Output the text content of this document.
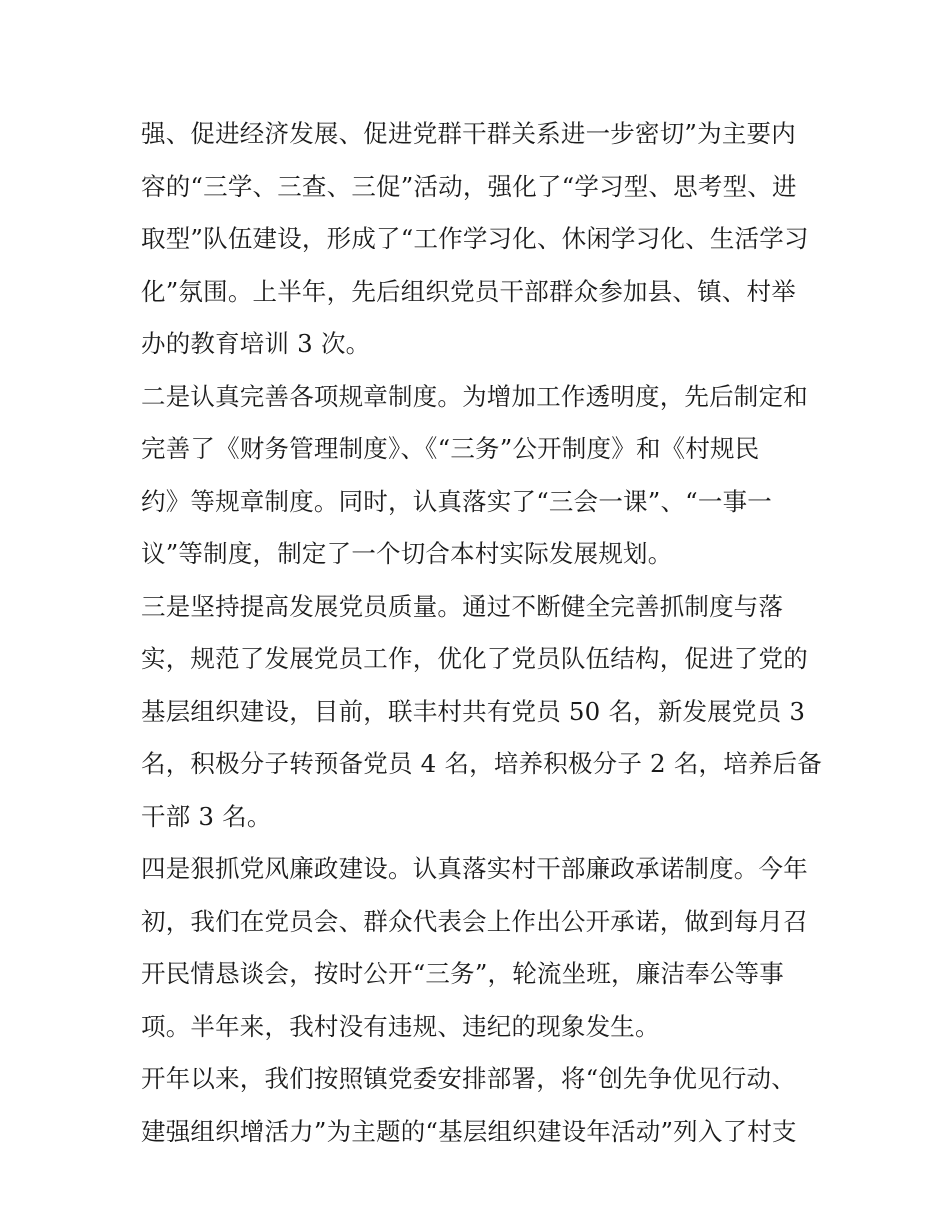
强、促进经济发展、促进党群干群关系进一步密切”为主要内
容的“三学、三查、三促”活动，强化了“学习型、思考型、进
取型”队伍建设，形成了“工作学习化、休闲学习化、生活学习
化”氛围。上半年，先后组织党员干部群众参加县、镇、村举
办的教育培训 3 次。
二是认真完善各项规章制度。为增加工作透明度，先后制定和
完善了《财务管理制度》、《“三务”公开制度》和《村规民
约》等规章制度。同时，认真落实了“三会一课”、“一事一
议”等制度，制定了一个切合本村实际发展规划。
三是坚持提高发展党员质量。通过不断健全完善抓制度与落
实，规范了发展党员工作，优化了党员队伍结构，促进了党的
基层组织建设，目前，联丰村共有党员 50 名，新发展党员 3
名，积极分子转预备党员 4 名，培养积极分子 2 名，培养后备
干部 3 名。
四是狠抓党风廉政建设。认真落实村干部廉政承诺制度。今年
初，我们在党员会、群众代表会上作出公开承诺，做到每月召
开民情恳谈会，按时公开“三务”，轮流坐班，廉洁奉公等事
项。半年来，我村没有违规、违纪的现象发生。
开年以来，我们按照镇党委安排部署，将“创先争优见行动、
建强组织增活力”为主题的“基层组织建设年活动”列入了村支
